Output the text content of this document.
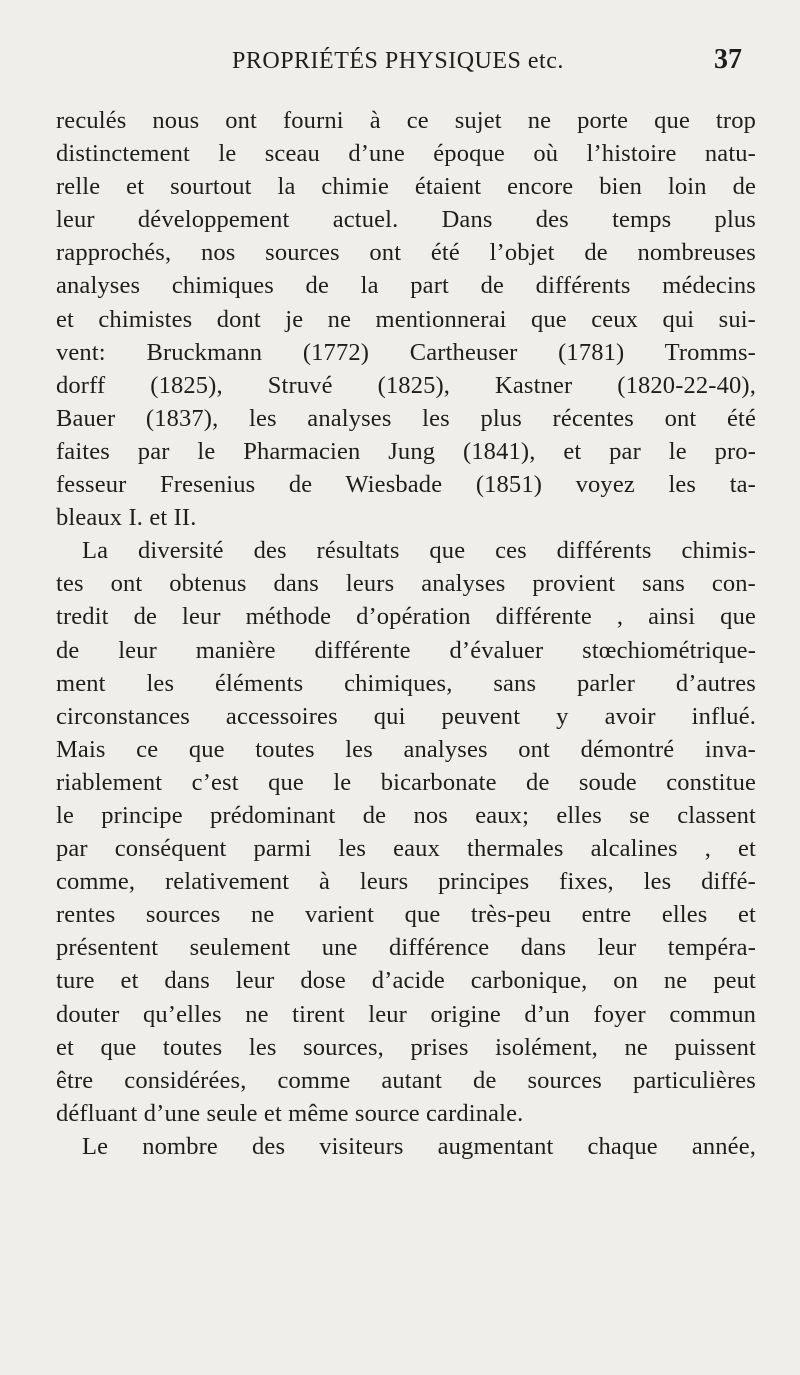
PROPRIÉTÉS PHYSIQUES etc.	37
reculés nous ont fourni à ce sujet ne porte que trop
distinctement le sceau d’une époque où l’histoire natu-
relle et sourtout la chimie étaient encore bien loin de
leur développement actuel. Dans des temps plus
rapprochés, nos sources ont été l’objet de nombreuses
analyses chimiques de la part de différents médecins
et chimistes dont je ne mentionnerai que ceux qui sui-
vent: Bruckmann (1772) Cartheuser (1781) Tromms-
dorff (1825), Struvé (1825), Kastner (1820-22-40),
Bauer (1837), les analyses les plus récentes ont été
faites par le Pharmacien Jung (1841), et par le pro-
fesseur Fresenius de Wiesbade (1851) voyez les ta-
bleaux I. et II.
La diversité des résultats que ces différents chimis-
tes ont obtenus dans leurs analyses provient sans con-
tredit de leur méthode d’opération différente , ainsi que
de leur manière différente d’évaluer stœchiométrique-
ment les éléments chimiques, sans parler d’autres
circonstances accessoires qui peuvent y avoir influé.
Mais ce que toutes les analyses ont démontré inva-
riablement c’est que le bicarbonate de soude constitue
le principe prédominant de nos eaux; elles se classent
par conséquent parmi les eaux thermales alcalines , et
comme, relativement à leurs principes fixes, les diffé-
rentes sources ne varient que très-peu entre elles et
présentent seulement une différence dans leur tempéra-
ture et dans leur dose d’acide carbonique, on ne peut
douter qu’elles ne tirent leur origine d’un foyer commun
et que toutes les sources, prises isolément, ne puissent
être considérées, comme autant de sources particulières
défluant d’une seule et même source cardinale.
Le nombre des visiteurs augmentant chaque année,
